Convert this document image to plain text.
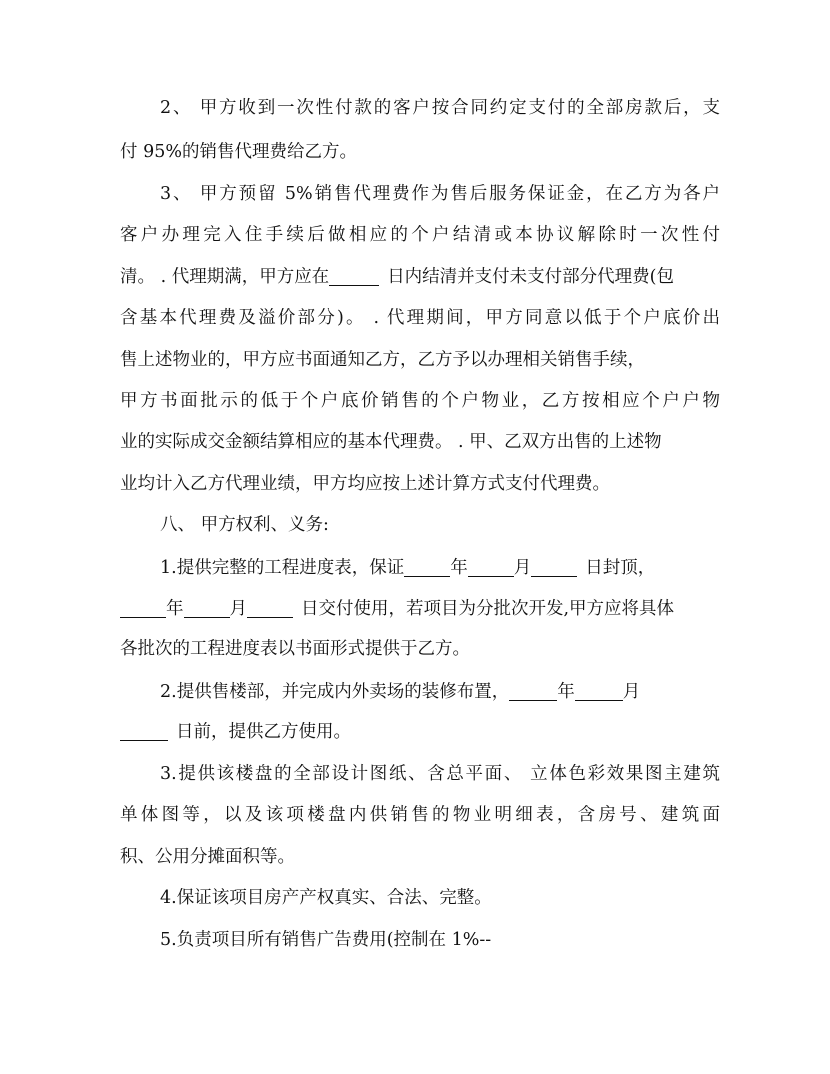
2、 甲方收到一次性付款的客户按合同约定支付的全部房款后，支
付 95%的销售代理费给乙方。
3、 甲方预留 5%销售代理费作为售后服务保证金，在乙方为各户
客户办理完入住手续后做相应的个户结清或本协议解除时一次性付
清。 . 代理期满，甲方应在	日内结清并支付未支付部分代理费(包
含基本代理费及溢价部分)。 . 代理期间，甲方同意以低于个户底价出
售上述物业的，甲方应书面通知乙方，乙方予以办理相关销售手续，
甲方书面批示的低于个户底价销售的个户物业，乙方按相应个户户物
业的实际成交金额结算相应的基本代理费。 . 甲、乙双方出售的上述物
业均计入乙方代理业绩，甲方均应按上述计算方式支付代理费。
八、 甲方权利、义务:
1.提供完整的工程进度表，保证	年	月	日封顶，
年	月	日交付使用，若项目为分批次开发,甲方应将具体
各批次的工程进度表以书面形式提供于乙方。
2.提供售楼部，并完成内外卖场的装修布置，	年	月
日前，提供乙方使用。
3.提供该楼盘的全部设计图纸、含总平面、 立体色彩效果图主建筑
单体图等，以及该项楼盘内供销售的物业明细表，含房号、建筑面
积、公用分摊面积等。
4.保证该项目房产产权真实、合法、完整。
5.负责项目所有销售广告费用(控制在 1%--
